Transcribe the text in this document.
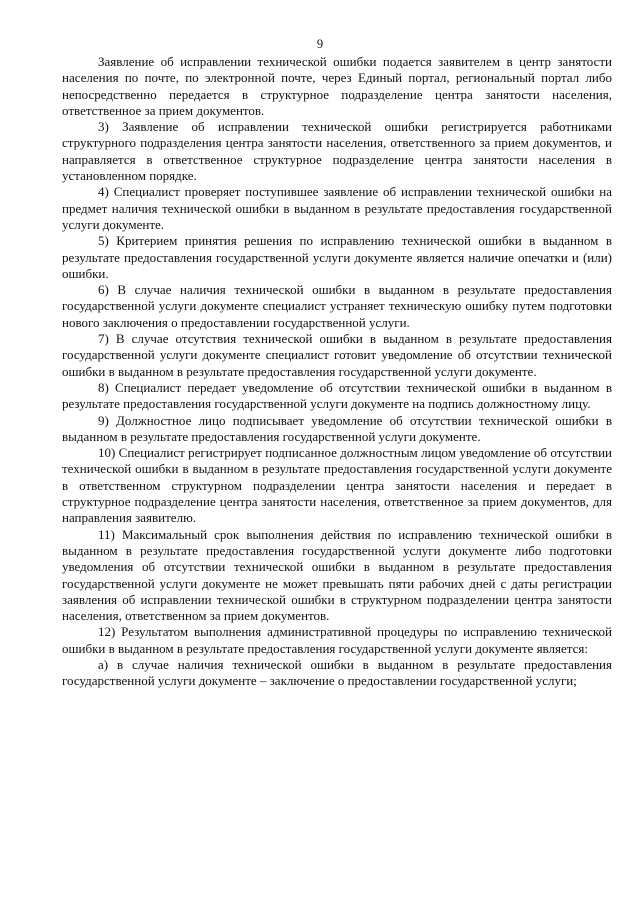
9

Заявление об исправлении технической ошибки подается заявителем в центр занятости населения по почте, по электронной почте, через Единый портал, региональный портал либо непосредственно передается в структурное подразделение центра занятости населения, ответственное за прием документов.

3) Заявление об исправлении технической ошибки регистрируется работниками структурного подразделения центра занятости населения, ответственного за прием документов, и направляется в ответственное структурное подразделение центра занятости населения в установленном порядке.

4) Специалист проверяет поступившее заявление об исправлении технической ошибки на предмет наличия технической ошибки в выданном в результате предоставления государственной услуги документе.

5) Критерием принятия решения по исправлению технической ошибки в выданном в результате предоставления государственной услуги документе является наличие опечатки и (или) ошибки.

6) В случае наличия технической ошибки в выданном в результате предоставления государственной услуги документе специалист устраняет техническую ошибку путем подготовки нового заключения о предоставлении государственной услуги.

7) В случае отсутствия технической ошибки в выданном в результате предоставления государственной услуги документе специалист готовит уведомление об отсутствии технической ошибки в выданном в результате предоставления государственной услуги документе.

8) Специалист передает уведомление об отсутствии технической ошибки в выданном в результате предоставления государственной услуги документе на подпись должностному лицу.

9) Должностное лицо подписывает уведомление об отсутствии технической ошибки в выданном в результате предоставления государственной услуги документе.

10) Специалист регистрирует подписанное должностным лицом уведомление об отсутствии технической ошибки в выданном в результате предоставления государственной услуги документе в ответственном структурном подразделении центра занятости населения и передает в структурное подразделение центра занятости населения, ответственное за прием документов, для направления заявителю.

11) Максимальный срок выполнения действия по исправлению технической ошибки в выданном в результате предоставления государственной услуги документе либо подготовки уведомления об отсутствии технической ошибки в выданном в результате предоставления государственной услуги документе не может превышать пяти рабочих дней с даты регистрации заявления об исправлении технической ошибки в структурном подразделении центра занятости населения, ответственном за прием документов.

12) Результатом выполнения административной процедуры по исправлению технической ошибки в выданном в результате предоставления государственной услуги документе является:

а) в случае наличия технической ошибки в выданном в результате предоставления государственной услуги документе – заключение о предоставлении государственной услуги;
